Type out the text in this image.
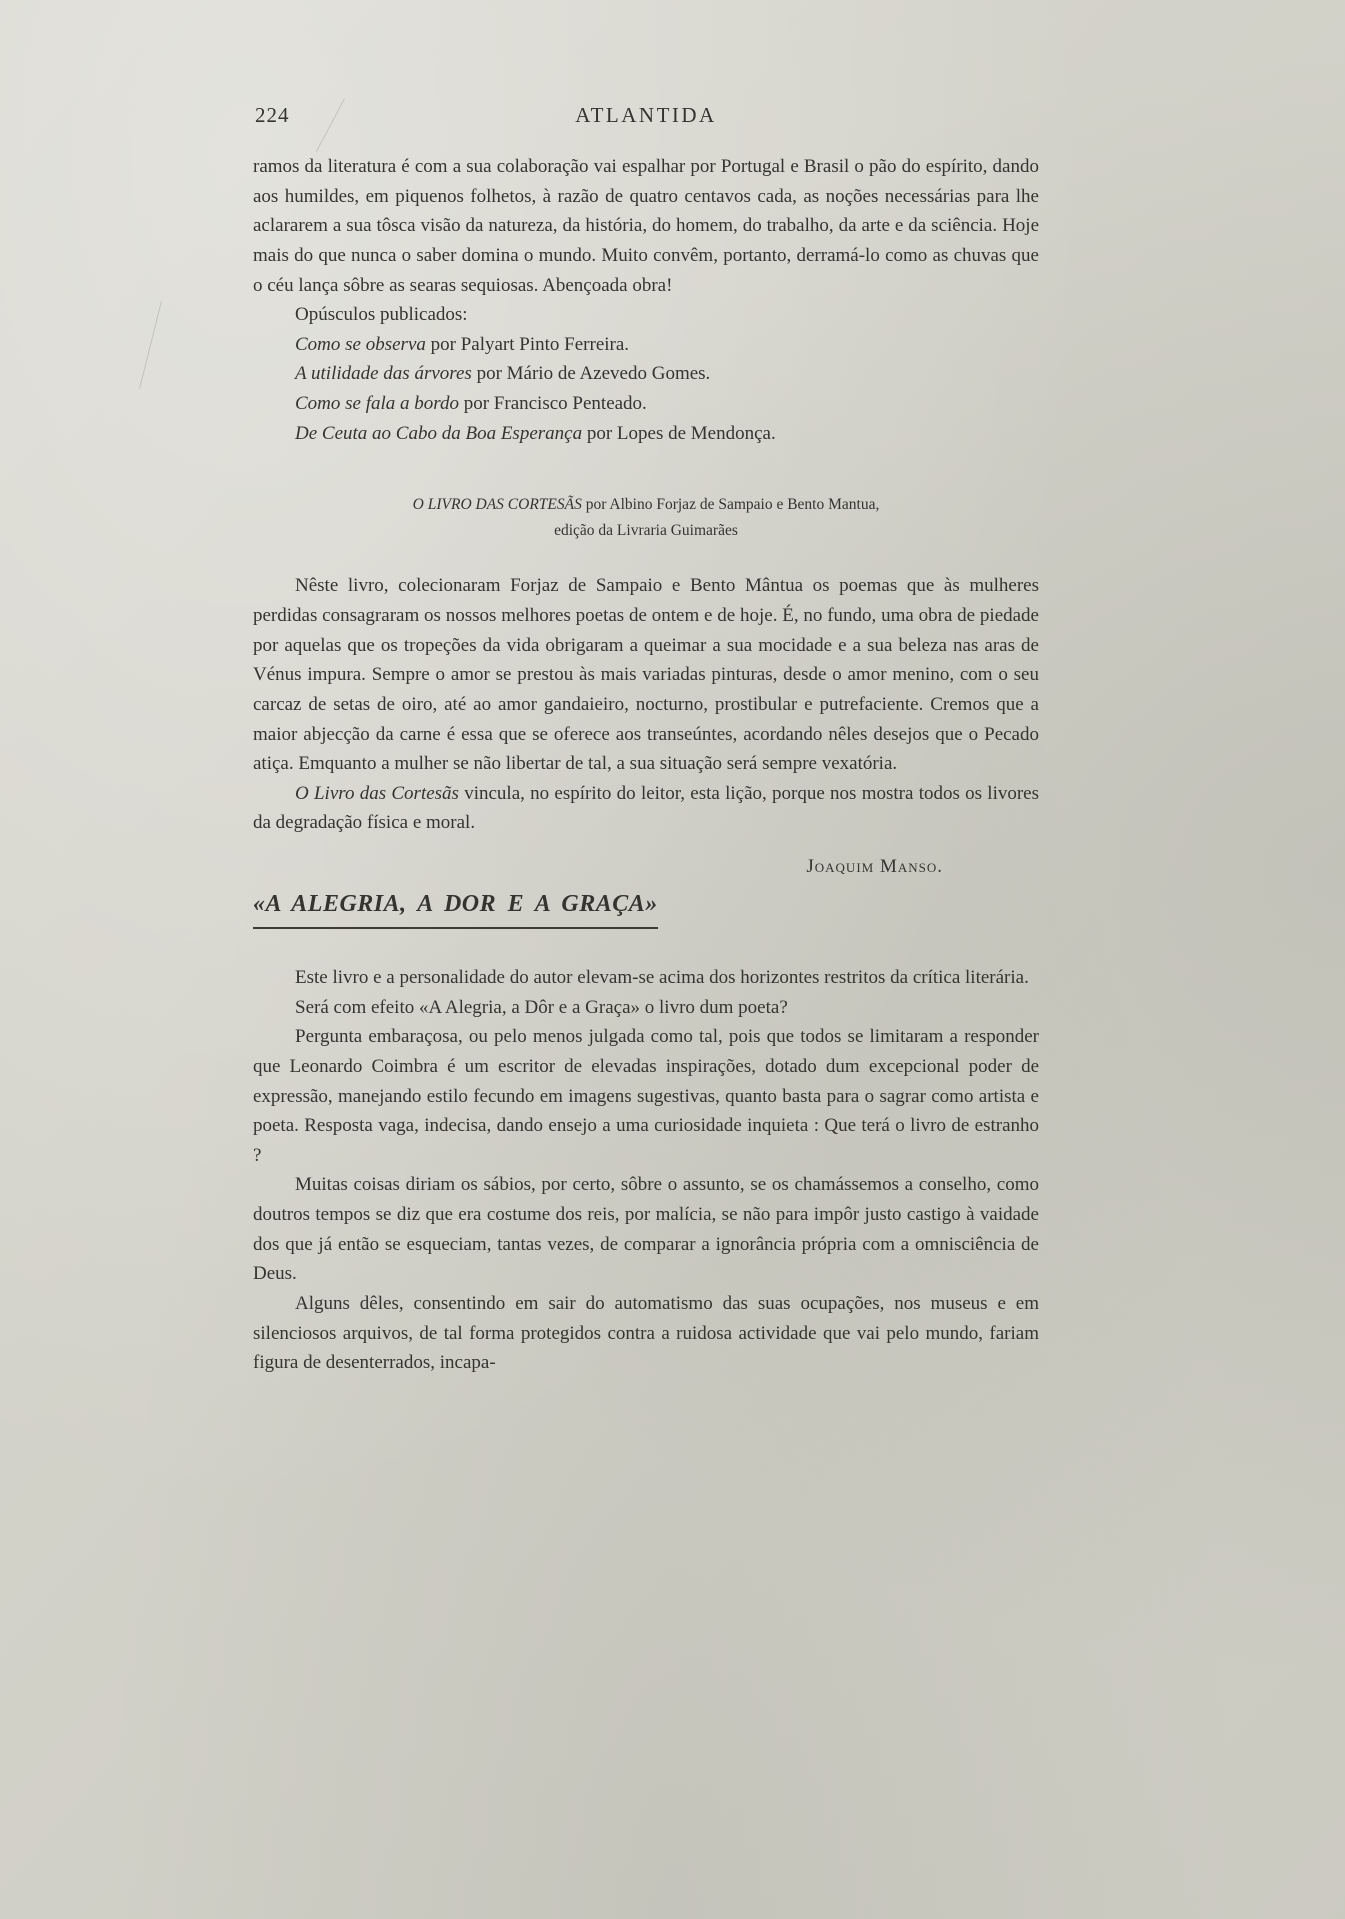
224	ATLANTIDA

ramos da literatura é com a sua colaboração vai espalhar por Portugal e Brasil o pão do espírito, dando aos humildes, em piquenos folhetos, à razão de quatro centavos cada, as noções necessárias para lhe aclararem a sua tôsca visão da natureza, da história, do homem, do trabalho, da arte e da sciência. Hoje mais do que nunca o saber domina o mundo. Muito convêm, portanto, derramá-lo como as chuvas que o céu lança sôbre as searas sequiosas. Abençoada obra!

Opúsculos publicados:

Como se observa por Palyart Pinto Ferreira.

A utilidade das árvores por Mário de Azevedo Gomes.

Como se fala a bordo por Francisco Penteado.

De Ceuta ao Cabo da Boa Esperança por Lopes de Mendonça.

O LIVRO DAS CORTESÃS por Albino Forjaz de Sampaio e Bento Mantua,

edição da Livraria Guimarães

Nêste livro, colecionaram Forjaz de Sampaio e Bento Mântua os poemas que às mulheres perdidas consagraram os nossos melhores poetas de ontem e de hoje. É, no fundo, uma obra de piedade por aquelas que os tropeções da vida obrigaram a queimar a sua mocidade e a sua beleza nas aras de Vénus impura. Sempre o amor se prestou às mais variadas pinturas, desde o amor menino, com o seu carcaz de setas de oiro, até ao amor gandaieiro, nocturno, prostibular e putrefaciente. Cremos que a maior abjecção da carne é essa que se oferece aos transeúntes, acordando nêles desejos que o Pecado atiça. Emquanto a mulher se não libertar de tal, a sua situação será sempre vexatória.

O Livro das Cortesãs vincula, no espírito do leitor, esta lição, porque nos mostra todos os livores da degradação física e moral.

Joaquim Manso.

«A ALEGRIA, A DOR E A GRAÇA»

Este livro e a personalidade do autor elevam-se acima dos horizontes restritos da crítica literária.

Será com efeito «A Alegria, a Dôr e a Graça» o livro dum poeta?

Pergunta embaraçosa, ou pelo menos julgada como tal, pois que todos se limitaram a responder que Leonardo Coimbra é um escritor de elevadas inspirações, dotado dum excepcional poder de expressão, manejando estilo fecundo em imagens sugestivas, quanto basta para o sagrar como artista e poeta. Resposta vaga, indecisa, dando ensejo a uma curiosidade inquieta : Que terá o livro de estranho ?

Muitas coisas diriam os sábios, por certo, sôbre o assunto, se os chamássemos a conselho, como doutros tempos se diz que era costume dos reis, por malícia, se não para impôr justo castigo à vaidade dos que já então se esqueciam, tantas vezes, de comparar a ignorância própria com a omnisciência de Deus.

Alguns dêles, consentindo em sair do automatismo das suas ocupações, nos museus e em silenciosos arquivos, de tal forma protegidos contra a ruidosa actividade que vai pelo mundo, fariam figura de desenterrados, incapa-
